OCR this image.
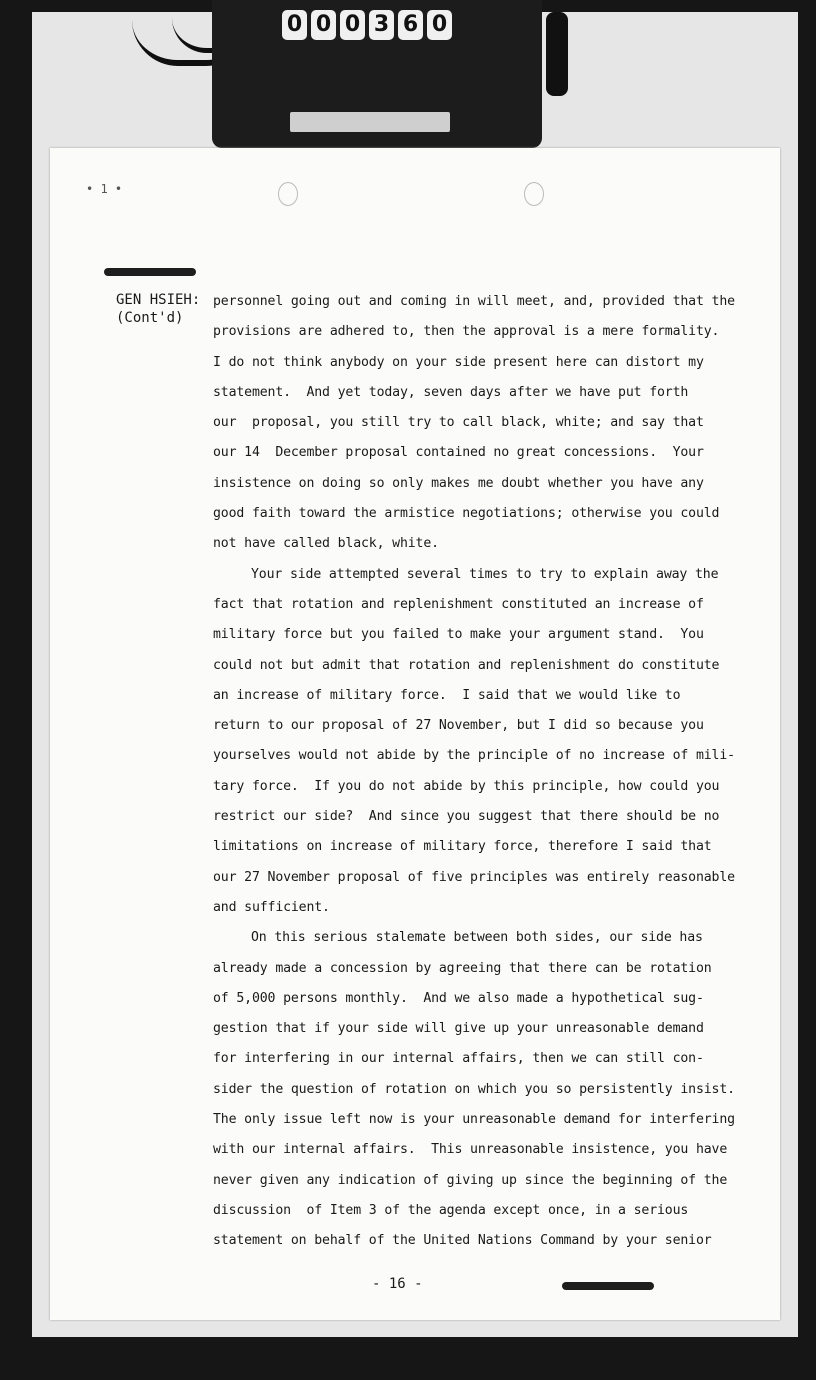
0 0 0 3 6 0
• 1 •
GEN HSIEH:
(Cont'd)
personnel going out and coming in will meet, and, provided that the
provisions are adhered to, then the approval is a mere formality.
I do not think anybody on your side present here can distort my
statement.  And yet today, seven days after we have put forth
our  proposal, you still try to call black, white; and say that
our 14  December proposal contained no great concessions.  Your
insistence on doing so only makes me doubt whether you have any
good faith toward the armistice negotiations; otherwise you could
not have called black, white.
Your side attempted several times to try to explain away the
fact that rotation and replenishment constituted an increase of
military force but you failed to make your argument stand.  You
could not but admit that rotation and replenishment do constitute
an increase of military force.  I said that we would like to
return to our proposal of 27 November, but I did so because you
yourselves would not abide by the principle of no increase of mili-
tary force.  If you do not abide by this principle, how could you
restrict our side?  And since you suggest that there should be no
limitations on increase of military force, therefore I said that
our 27 November proposal of five principles was entirely reasonable
and sufficient.
On this serious stalemate between both sides, our side has
already made a concession by agreeing that there can be rotation
of 5,000 persons monthly.  And we also made a hypothetical sug-
gestion that if your side will give up your unreasonable demand
for interfering in our internal affairs, then we can still con-
sider the question of rotation on which you so persistently insist.
The only issue left now is your unreasonable demand for interfering
with our internal affairs.  This unreasonable insistence, you have
never given any indication of giving up since the beginning of the
discussion  of Item 3 of the agenda except once, in a serious
statement on behalf of the United Nations Command by your senior
- 16 -
